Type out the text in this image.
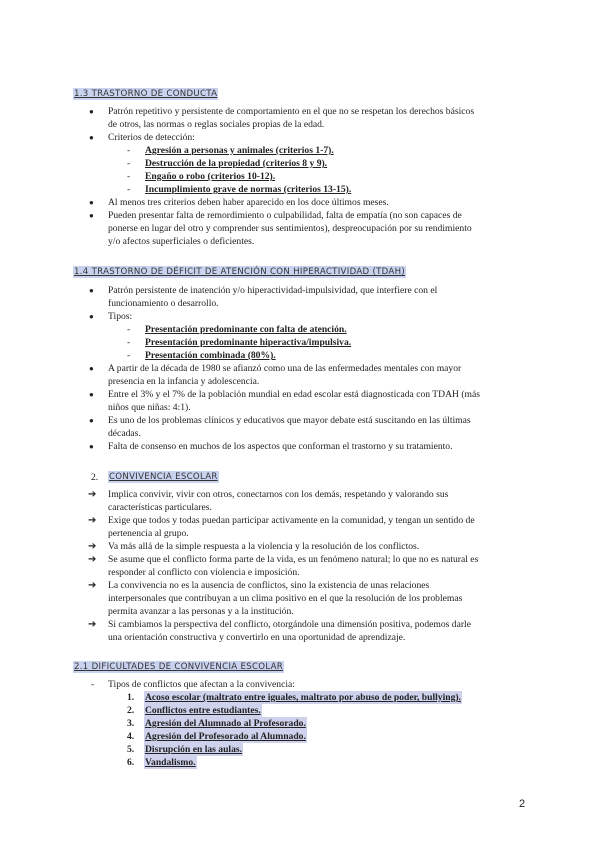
1.3 TRASTORNO DE CONDUCTA
● Patrón repetitivo y persistente de comportamiento en el que no se respetan los derechos básicos
de otros, las normas o reglas sociales propias de la edad.
● Criterios de detección:
- Agresión a personas y animales (criterios 1-7).
- Destrucción de la propiedad (criterios 8 y 9).
- Engaño o robo (criterios 10-12).
- Incumplimiento grave de normas (criterios 13-15).
● Al menos tres criterios deben haber aparecido en los doce últimos meses.
● Pueden presentar falta de remordimiento o culpabilidad, falta de empatía (no son capaces de
ponerse en lugar del otro y comprender sus sentimientos), despreocupación por su rendimiento
y/o afectos superficiales o deficientes.
1.4 TRASTORNO DE DÉFICIT DE ATENCIÓN CON HIPERACTIVIDAD (TDAH)
● Patrón persistente de inatención y/o hiperactividad-impulsividad, que interfiere con el
funcionamiento o desarrollo.
● Tipos:
- Presentación predominante con falta de atención.
- Presentación predominante hiperactiva/impulsiva.
- Presentación combinada (80%).
● A partir de la década de 1980 se afianzó como una de las enfermedades mentales con mayor
presencia en la infancia y adolescencia.
● Entre el 3% y el 7% de la población mundial en edad escolar está diagnosticada con TDAH (más
niños que niñas: 4:1).
● Es uno de los problemas clínicos y educativos que mayor debate está suscitando en las últimas
décadas.
● Falta de consenso en muchos de los aspectos que conforman el trastorno y su tratamiento.
2. CONVIVENCIA ESCOLAR
➔ Implica convivir, vivir con otros, conectarnos con los demás, respetando y valorando sus
características particulares.
➔ Exige que todos y todas puedan participar activamente en la comunidad, y tengan un sentido de
pertenencia al grupo.
➔ Va más allá de la simple respuesta a la violencia y la resolución de los conflictos.
➔ Se asume que el conflicto forma parte de la vida, es un fenómeno natural; lo que no es natural es
responder al conflicto con violencia e imposición.
➔ La convivencia no es la ausencia de conflictos, sino la existencia de unas relaciones
interpersonales que contribuyan a un clima positivo en el que la resolución de los problemas
permita avanzar a las personas y a la institución.
➔ Si cambiamos la perspectiva del conflicto, otorgándole una dimensión positiva, podemos darle
una orientación constructiva y convertirlo en una oportunidad de aprendizaje.
2.1 DIFICULTADES DE CONVIVENCIA ESCOLAR
- Tipos de conflictos que afectan a la convivencia:
1. Acoso escolar (maltrato entre iguales, maltrato por abuso de poder, bullying).
2. Conflictos entre estudiantes.
3. Agresión del Alumnado al Profesorado.
4. Agresión del Profesorado al Alumnado.
5. Disrupción en las aulas.
6. Vandalismo.
2
